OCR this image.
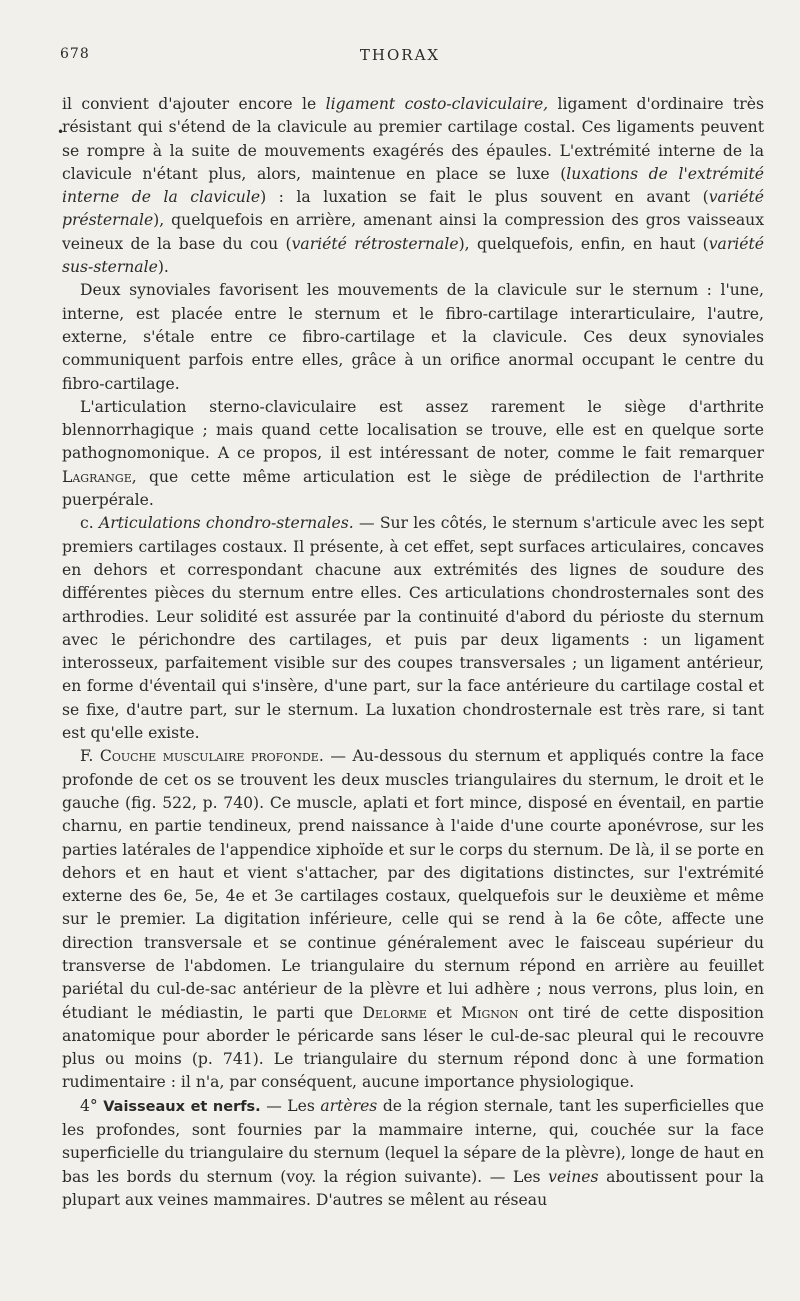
678	THORAX
•

il convient d'ajouter encore le ligament costo-claviculaire, ligament d'ordinaire très résistant qui s'étend de la clavicule au premier cartilage costal. Ces ligaments peuvent se rompre à la suite de mouvements exagérés des épaules. L'extrémité interne de la clavicule n'étant plus, alors, maintenue en place se luxe (luxations de l'extrémité interne de la clavicule) : la luxation se fait le plus souvent en avant (variété présternale), quelquefois en arrière, amenant ainsi la compression des gros vaisseaux veineux de la base du cou (variété rétrosternale), quelquefois, enfin, en haut (variété sus-sternale).

Deux synoviales favorisent les mouvements de la clavicule sur le sternum : l'une, interne, est placée entre le sternum et le fibro-cartilage interarticulaire, l'autre, externe, s'étale entre ce fibro-cartilage et la clavicule. Ces deux synoviales communiquent parfois entre elles, grâce à un orifice anormal occupant le centre du fibro-cartilage.

L'articulation sterno-claviculaire est assez rarement le siège d'arthrite blennorrhagique ; mais quand cette localisation se trouve, elle est en quelque sorte pathognomonique. A ce propos, il est intéressant de noter, comme le fait remarquer Lagrange, que cette même articulation est le siège de prédilection de l'arthrite puerpérale.

c. Articulations chondro-sternales. — Sur les côtés, le sternum s'articule avec les sept premiers cartilages costaux. Il présente, à cet effet, sept surfaces articulaires, concaves en dehors et correspondant chacune aux extrémités des lignes de soudure des différentes pièces du sternum entre elles. Ces articulations chondrosternales sont des arthrodies. Leur solidité est assurée par la continuité d'abord du périoste du sternum avec le périchondre des cartilages, et puis par deux ligaments : un ligament interosseux, parfaitement visible sur des coupes transversales ; un ligament antérieur, en forme d'éventail qui s'insère, d'une part, sur la face antérieure du cartilage costal et se fixe, d'autre part, sur le sternum. La luxation chondrosternale est très rare, si tant est qu'elle existe.

F. Couche musculaire profonde. — Au-dessous du sternum et appliqués contre la face profonde de cet os se trouvent les deux muscles triangulaires du sternum, le droit et le gauche (fig. 522, p. 740). Ce muscle, aplati et fort mince, disposé en éventail, en partie charnu, en partie tendineux, prend naissance à l'aide d'une courte aponévrose, sur les parties latérales de l'appendice xiphoïde et sur le corps du sternum. De là, il se porte en dehors et en haut et vient s'attacher, par des digitations distinctes, sur l'extrémité externe des 6e, 5e, 4e et 3e cartilages costaux, quelquefois sur le deuxième et même sur le premier. La digitation inférieure, celle qui se rend à la 6e côte, affecte une direction transversale et se continue généralement avec le faisceau supérieur du transverse de l'abdomen. Le triangulaire du sternum répond en arrière au feuillet pariétal du cul-de-sac antérieur de la plèvre et lui adhère ; nous verrons, plus loin, en étudiant le médiastin, le parti que Delorme et Mignon ont tiré de cette disposition anatomique pour aborder le péricarde sans léser le cul-de-sac pleural qui le recouvre plus ou moins (p. 741). Le triangulaire du sternum répond donc à une formation rudimentaire : il n'a, par conséquent, aucune importance physiologique.

4° Vaisseaux et nerfs. — Les artères de la région sternale, tant les superficielles que les profondes, sont fournies par la mammaire interne, qui, couchée sur la face superficielle du triangulaire du sternum (lequel la sépare de la plèvre), longe de haut en bas les bords du sternum (voy. la région suivante). — Les veines aboutissent pour la plupart aux veines mammaires. D'autres se mêlent au réseau
